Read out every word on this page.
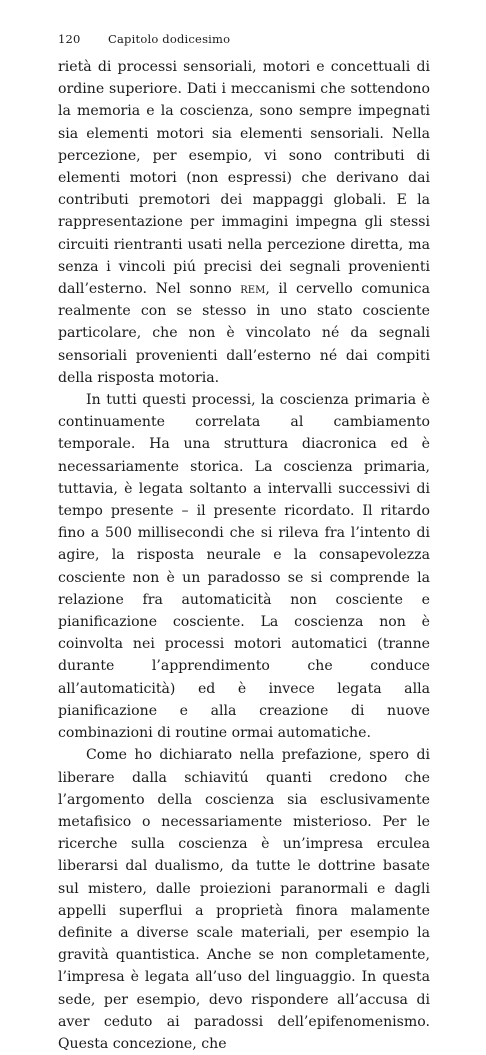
120 Capitolo dodicesimo

rietà di processi sensoriali, motori e concettuali di ordine superiore. Dati i meccanismi che sottendono la memoria e la coscienza, sono sempre impegnati sia elementi motori sia elementi sensoriali. Nella percezione, per esempio, vi sono contributi di elementi motori (non espressi) che derivano dai contributi premotori dei mappaggi globali. E la rappresentazione per immagini impegna gli stessi circuiti rientranti usati nella percezione diretta, ma senza i vincoli piú precisi dei segnali provenienti dall’esterno. Nel sonno rem, il cervello comunica realmente con se stesso in uno stato cosciente particolare, che non è vincolato né da segnali sensoriali provenienti dall’esterno né dai compiti della risposta motoria.

In tutti questi processi, la coscienza primaria è continuamente correlata al cambiamento temporale. Ha una struttura diacronica ed è necessariamente storica. La coscienza primaria, tuttavia, è legata soltanto a intervalli successivi di tempo presente – il presente ricordato. Il ritardo fino a 500 millisecondi che si rileva fra l’intento di agire, la risposta neurale e la consapevolezza cosciente non è un paradosso se si comprende la relazione fra automaticità non cosciente e pianificazione cosciente. La coscienza non è coinvolta nei processi motori automatici (tranne durante l’apprendimento che conduce all’automaticità) ed è invece legata alla pianificazione e alla creazione di nuove combinazioni di routine ormai automatiche.

Come ho dichiarato nella prefazione, spero di liberare dalla schiavitú quanti credono che l’argomento della coscienza sia esclusivamente metafisico o necessariamente misterioso. Per le ricerche sulla coscienza è un’impresa erculea liberarsi dal dualismo, da tutte le dottrine basate sul mistero, dalle proiezioni paranormali e dagli appelli superflui a proprietà finora malamente definite a diverse scale materiali, per esempio la gravità quantistica. Anche se non completamente, l’impresa è legata all’uso del linguaggio. In questa sede, per esempio, devo rispondere all’accusa di aver ceduto ai paradossi dell’epifenomenismo. Questa concezione, che
